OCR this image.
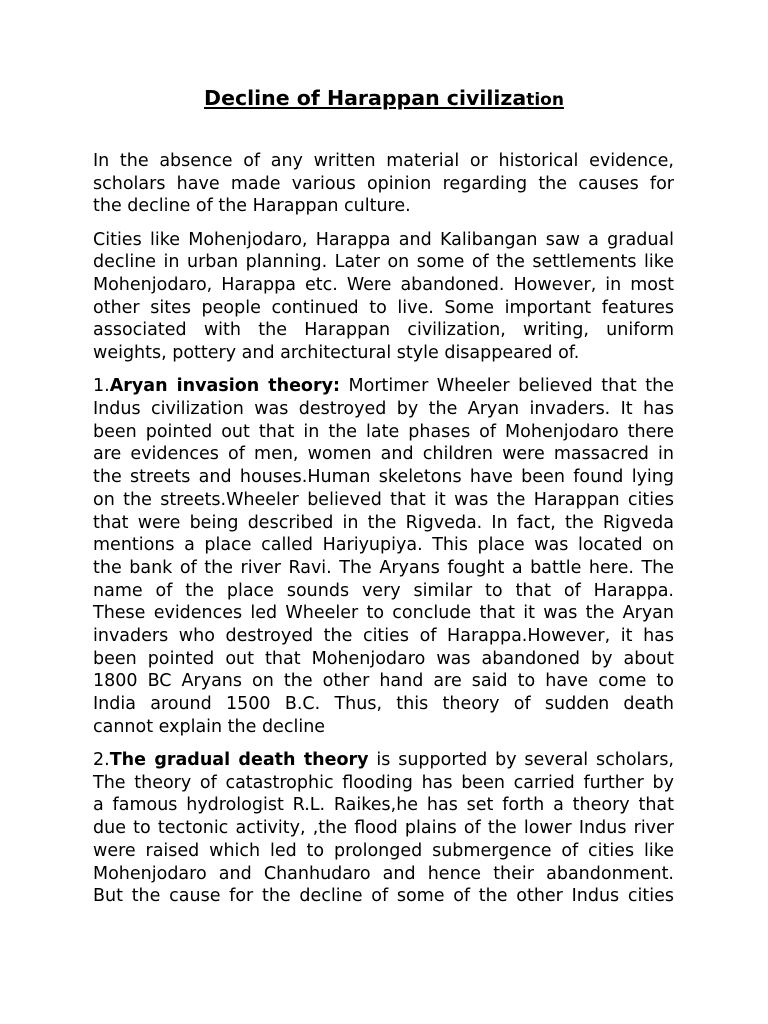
Decline of Harappan civilization
In the absence of any written material or historical evidence,
scholars have made various opinion regarding the causes for
the decline of the Harappan culture.
Cities like Mohenjodaro, Harappa and Kalibangan saw a gradual
decline in urban planning. Later on some of the settlements like
Mohenjodaro, Harappa etc. Were abandoned. However, in most
other sites people continued to live. Some important features
associated with the Harappan civilization, writing, uniform
weights, pottery and architectural style disappeared of.
1.Aryan invasion theory: Mortimer Wheeler believed that the
Indus civilization was destroyed by the Aryan invaders. It has
been pointed out that in the late phases of Mohenjodaro there
are evidences of men, women and children were massacred in
the streets and houses.Human skeletons have been found lying
on the streets.Wheeler believed that it was the Harappan cities
that were being described in the Rigveda. In fact, the Rigveda
mentions a place called Hariyupiya. This place was located on
the bank of the river Ravi. The Aryans fought a battle here. The
name of the place sounds very similar to that of Harappa.
These evidences led Wheeler to conclude that it was the Aryan
invaders who destroyed the cities of Harappa.However, it has
been pointed out that Mohenjodaro was abandoned by about
1800 BC Aryans on the other hand are said to have come to
India around 1500 B.C. Thus, this theory of sudden death
cannot explain the decline
2.The gradual death theory is supported by several scholars,
The theory of catastrophic flooding has been carried further by
a famous hydrologist R.L. Raikes,he has set forth a theory that
due to tectonic activity, ,the flood plains of the lower Indus river
were raised which led to prolonged submergence of cities like
Mohenjodaro and Chanhudaro and hence their abandonment.
But the cause for the decline of some of the other Indus cities
